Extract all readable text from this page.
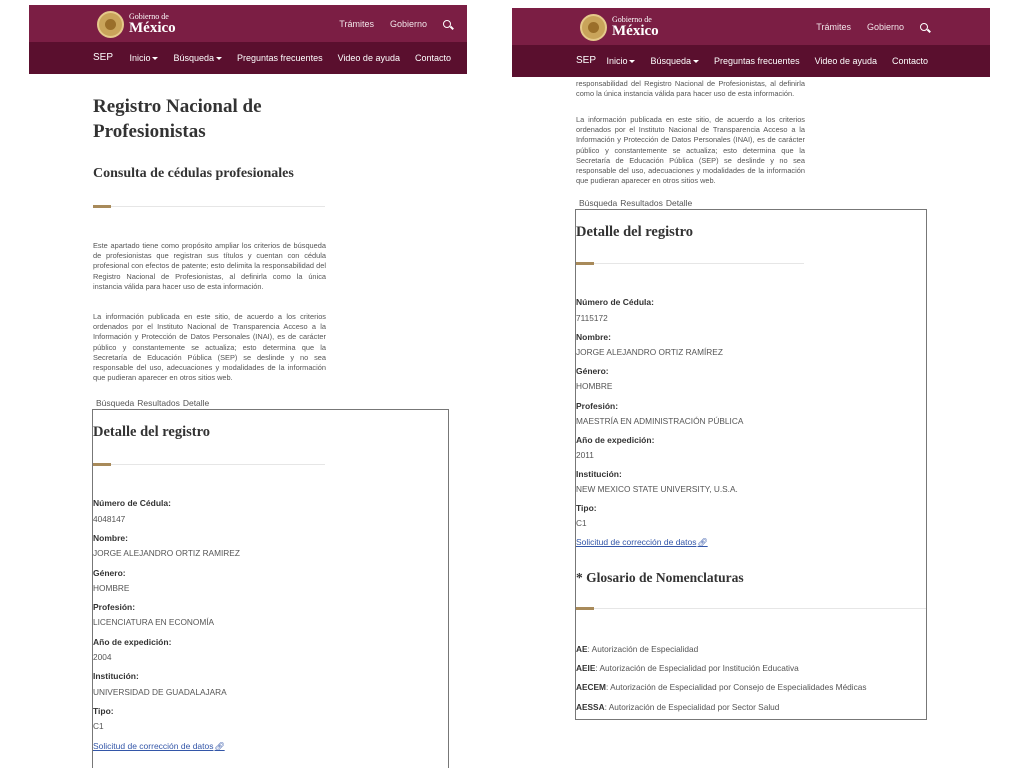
Gobierno de
México	Trámites Gobierno
SEP Inicio	Búsqueda	Preguntas frecuentes Video de ayuda Contacto
Registro Nacional de
Profesionistas
Consulta de cédulas profesionales
Este apartado tiene como propósito ampliar los criterios de búsqueda de profesionistas que registran sus títulos y cuentan con cédula profesional con efectos de patente; esto delimita la responsabilidad del Registro Nacional de Profesionistas, al definirla como la única instancia válida para hacer uso de esta información.
La información publicada en este sitio, de acuerdo a los criterios ordenados por el Instituto Nacional de Transparencia Acceso a la Información y Protección de Datos Personales (INAI), es de carácter público y constantemente se actualiza; esto determina que la Secretaría de Educación Pública (SEP) se deslinde y no sea responsable del uso, adecuaciones y modalidades de la información que pudieran aparecer en otros sitios web.
Búsqueda Resultados Detalle
Detalle del registro
Número de Cédula:
4048147
Nombre:
JORGE ALEJANDRO ORTIZ RAMIREZ
Género:
HOMBRE
Profesión:
LICENCIATURA EN ECONOMÍA
Año de expedición:
2004
Institución:
UNIVERSIDAD DE GUADALAJARA
Tipo:
C1
Solicitud de corrección de datos🔗︎
Gobierno de
México	Trámites Gobierno
SEP Inicio	Búsqueda	Preguntas frecuentes Video de ayuda Contacto
responsabilidad del Registro Nacional de Profesionistas, al definirla como la única instancia válida para hacer uso de esta información.
La información publicada en este sitio, de acuerdo a los criterios ordenados por el Instituto Nacional de Transparencia Acceso a la Información y Protección de Datos Personales (INAI), es de carácter público y constantemente se actualiza; esto determina que la Secretaría de Educación Pública (SEP) se deslinde y no sea responsable del uso, adecuaciones y modalidades de la información que pudieran aparecer en otros sitios web.
Búsqueda Resultados Detalle
Detalle del registro
Número de Cédula:
7115172
Nombre:
JORGE ALEJANDRO ORTIZ RAMÍREZ
Género:
HOMBRE
Profesión:
MAESTRÍA EN ADMINISTRACIÓN PÚBLICA
Año de expedición:
2011
Institución:
NEW MEXICO STATE UNIVERSITY, U.S.A.
Tipo:
C1
Solicitud de corrección de datos🔗︎
* Glosario de Nomenclaturas
AE: Autorización de Especialidad
AEIE: Autorización de Especialidad por Institución Educativa
AECEM: Autorización de Especialidad por Consejo de Especialidades Médicas
AESSA: Autorización de Especialidad por Sector Salud
